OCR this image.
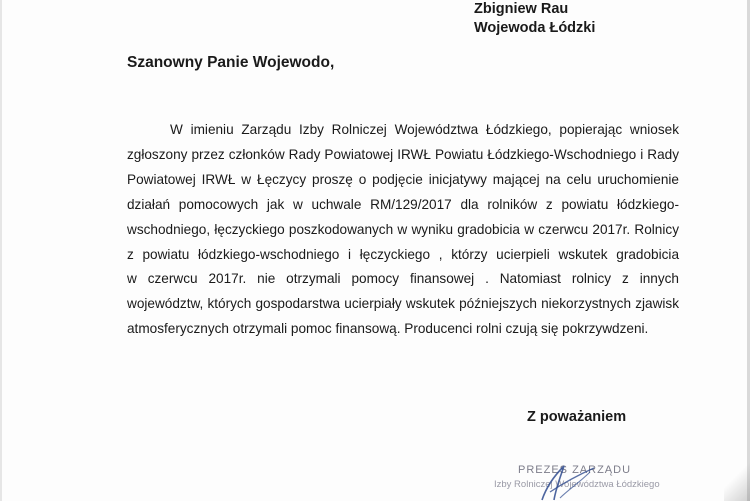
Zbigniew Rau
Wojewoda Łódzki
Szanowny Panie Wojewodo,
W imieniu Zarządu Izby Rolniczej Województwa Łódzkiego, popierając wniosek
zgłoszony przez członków Rady Powiatowej IRWŁ Powiatu Łódzkiego-Wschodniego i Rady
Powiatowej IRWŁ w Łęczycy proszę o podjęcie inicjatywy mającej na celu uruchomienie
działań pomocowych jak w uchwale RM/129/2017 dla rolników z powiatu łódzkiego-
wschodniego, łęczyckiego poszkodowanych w wyniku gradobicia w czerwcu 2017r. Rolnicy
z powiatu łódzkiego-wschodniego i łęczyckiego , którzy ucierpieli wskutek gradobicia
w czerwcu 2017r. nie otrzymali pomocy finansowej . Natomiast rolnicy z innych
województw, których gospodarstwa ucierpiały wskutek późniejszych niekorzystnych zjawisk
atmosferycznych otrzymali pomoc finansową. Producenci rolni czują się pokrzywdzeni.
Z poważaniem
PREZES ZARZĄDU
Izby Rolniczej Województwa Łódzkiego
